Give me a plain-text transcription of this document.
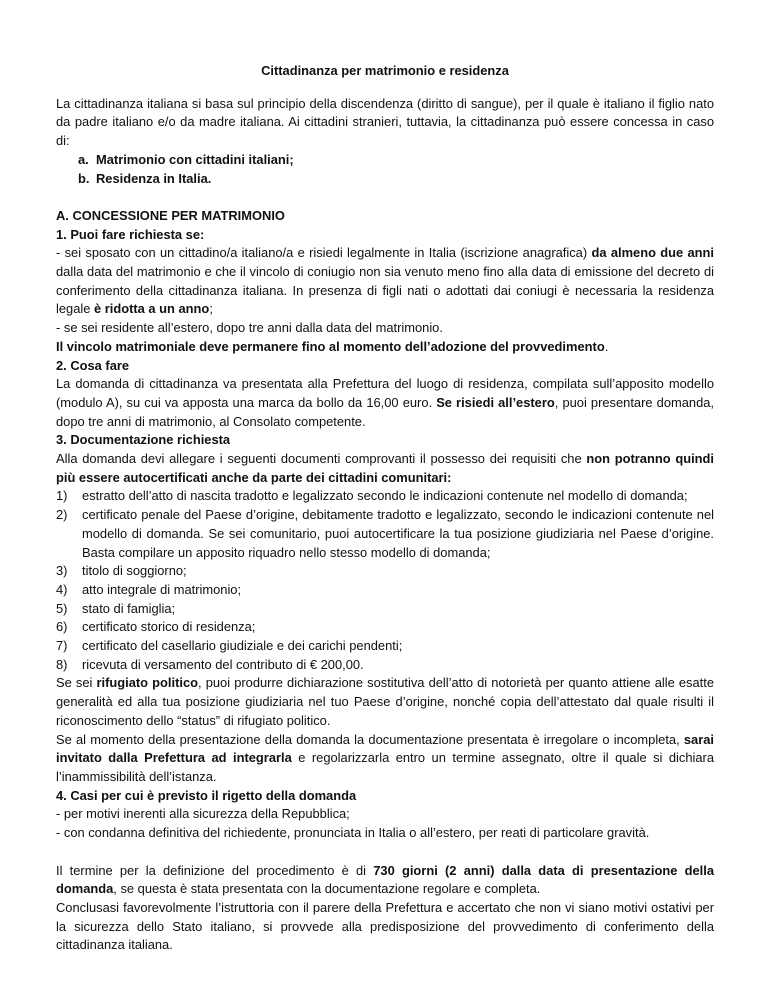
Cittadinanza per matrimonio e residenza

La cittadinanza italiana si basa sul principio della discendenza (diritto di sangue), per il quale è italiano il figlio nato da padre italiano e/o da madre italiana. Ai cittadini stranieri, tuttavia, la cittadinanza può essere concessa in caso di:

a. Matrimonio con cittadini italiani;
b. Residenza in Italia.
A. CONCESSIONE PER MATRIMONIO
1. Puoi fare richiesta se:

- sei sposato con un cittadino/a italiano/a e risiedi legalmente in Italia (iscrizione anagrafica) da almeno due anni dalla data del matrimonio e che il vincolo di coniugio non sia venuto meno fino alla data di emissione del decreto di conferimento della cittadinanza italiana. In presenza di figli nati o adottati dai coniugi è necessaria la residenza legale è ridotta a un anno;

- se sei residente all’estero, dopo tre anni dalla data del matrimonio.

Il vincolo matrimoniale deve permanere fino al momento dell’adozione del provvedimento.

2. Cosa fare

La domanda di cittadinanza va presentata alla Prefettura del luogo di residenza, compilata sull’apposito modello (modulo A), su cui va apposta una marca da bollo da 16,00 euro. Se risiedi all’estero, puoi presentare domanda, dopo tre anni di matrimonio, al Consolato competente.

3. Documentazione richiesta

Alla domanda devi allegare i seguenti documenti comprovanti il possesso dei requisiti che non potranno quindi più essere autocertificati anche da parte dei cittadini comunitari:

1) estratto dell’atto di nascita tradotto e legalizzato secondo le indicazioni contenute nel modello di domanda;
2) certificato penale del Paese d’origine, debitamente tradotto e legalizzato, secondo le indicazioni contenute nel modello di domanda. Se sei comunitario, puoi autocertificare la tua posizione giudiziaria nel Paese d’origine. Basta compilare un apposito riquadro nello stesso modello di domanda;
3) titolo di soggiorno;
4) atto integrale di matrimonio;
5) stato di famiglia;
6) certificato storico di residenza;
7) certificato del casellario giudiziale e dei carichi pendenti;
8) ricevuta di versamento del contributo di € 200,00.

Se sei rifugiato politico, puoi produrre dichiarazione sostitutiva dell’atto di notorietà per quanto attiene alle esatte generalità ed alla tua posizione giudiziaria nel tuo Paese d’origine, nonché copia dell’attestato dal quale risulti il riconoscimento dello “status” di rifugiato politico.

Se al momento della presentazione della domanda la documentazione presentata è irregolare o incompleta, sarai invitato dalla Prefettura ad integrarla e regolarizzarla entro un termine assegnato, oltre il quale si dichiara l’inammissibilità dell’istanza.

4. Casi per cui è previsto il rigetto della domanda

- per motivi inerenti alla sicurezza della Repubblica;

- con condanna definitiva del richiedente, pronunciata in Italia o all’estero, per reati di particolare gravità.

Il termine per la definizione del procedimento è di 730 giorni (2 anni) dalla data di presentazione della domanda, se questa è stata presentata con la documentazione regolare e completa.

Conclusasi favorevolmente l’istruttoria con il parere della Prefettura e accertato che non vi siano motivi ostativi per la sicurezza dello Stato italiano, si provvede alla predisposizione del provvedimento di conferimento della cittadinanza italiana.
